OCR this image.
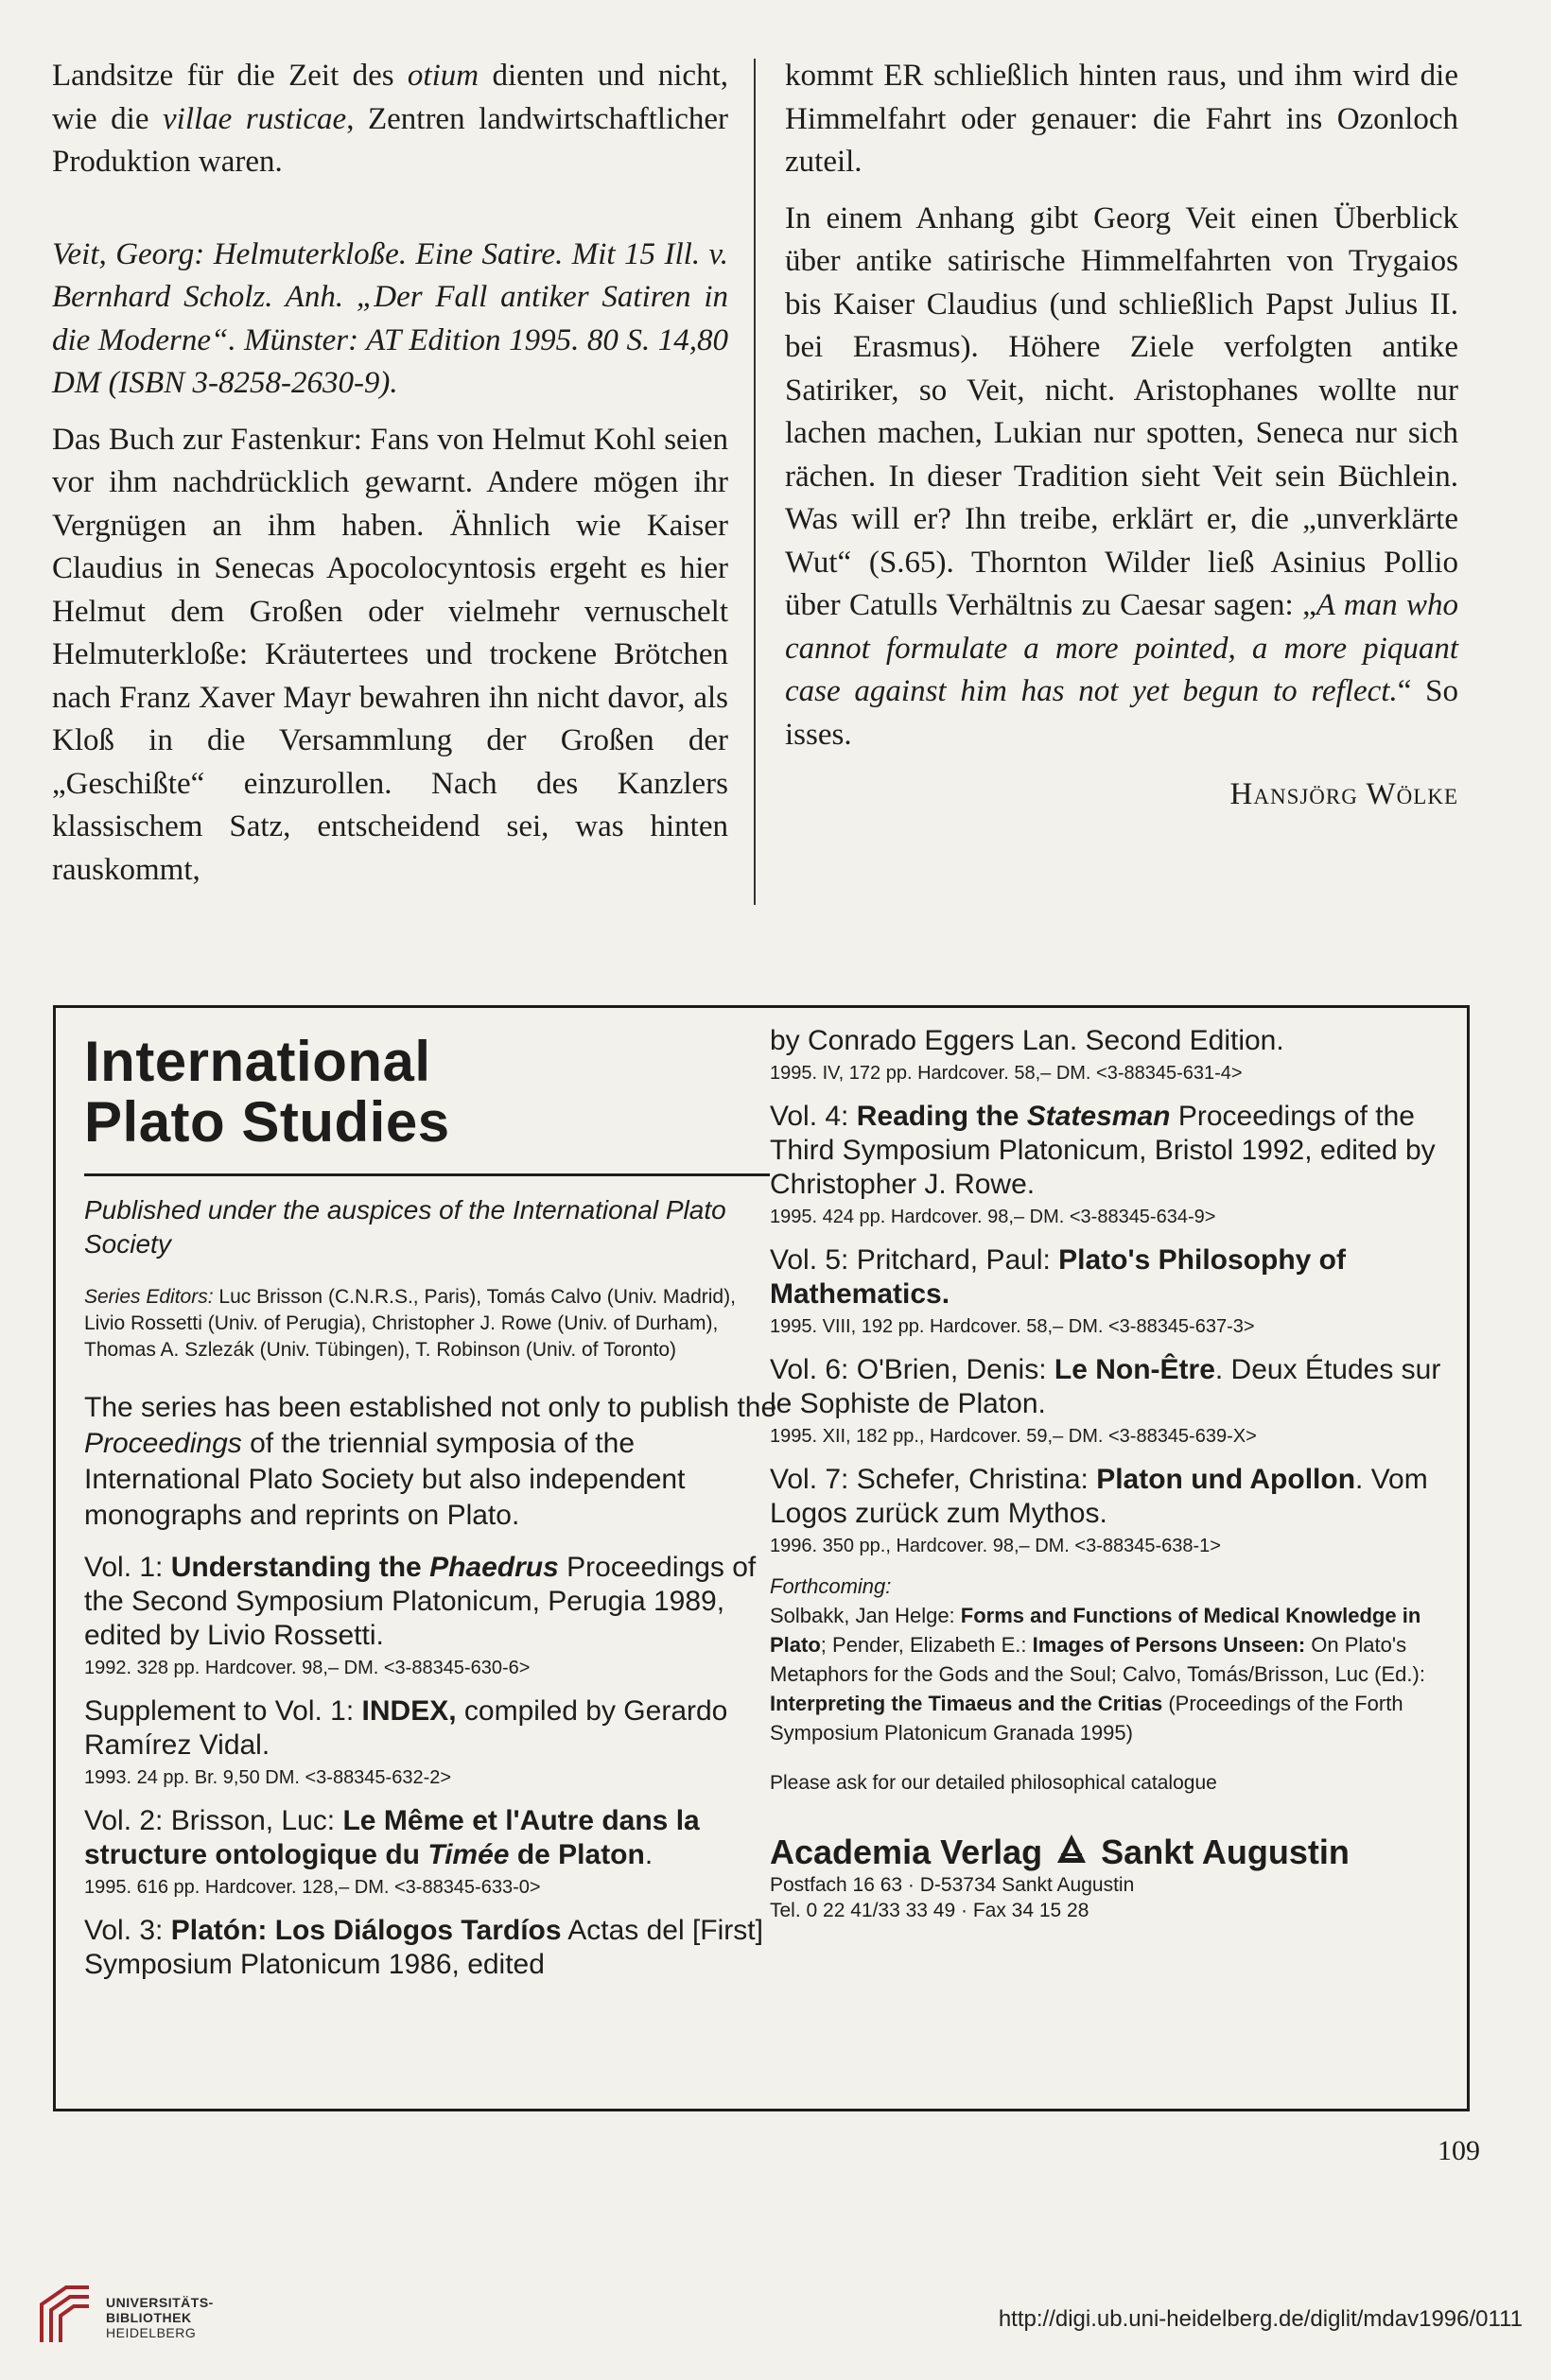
Landsitze für die Zeit des otium dienten und nicht, wie die villae rusticae, Zentren landwirtschaftlicher Produktion waren.

Veit, Georg: Helmuterkloße. Eine Satire. Mit 15 Ill. v. Bernhard Scholz. Anh. „Der Fall antiker Satiren in die Moderne“. Münster: AT Edition 1995. 80 S. 14,80 DM (ISBN 3-8258-2630-9).

Das Buch zur Fastenkur: Fans von Helmut Kohl seien vor ihm nachdrücklich gewarnt. Andere mögen ihr Vergnügen an ihm haben. Ähnlich wie Kaiser Claudius in Senecas Apocolocyntosis ergeht es hier Helmut dem Großen oder vielmehr vernuschelt Helmuterkloße: Kräutertees und trockene Brötchen nach Franz Xaver Mayr bewahren ihn nicht davor, als Kloß in die Versammlung der Großen der „Geschißte“ einzurollen. Nach des Kanzlers klassischem Satz, entscheidend sei, was hinten rauskommt,

kommt ER schließlich hinten raus, und ihm wird die Himmelfahrt oder genauer: die Fahrt ins Ozonloch zuteil.

In einem Anhang gibt Georg Veit einen Überblick über antike satirische Himmelfahrten von Trygaios bis Kaiser Claudius (und schließlich Papst Julius II. bei Erasmus). Höhere Ziele verfolgten antike Satiriker, so Veit, nicht. Aristophanes wollte nur lachen machen, Lukian nur spotten, Seneca nur sich rächen. In dieser Tradition sieht Veit sein Büchlein. Was will er? Ihn treibe, erklärt er, die „unverklärte Wut“ (S.65). Thornton Wilder ließ Asinius Pollio über Catulls Verhältnis zu Caesar sagen: „A man who cannot formulate a more pointed, a more piquant case against him has not yet begun to reflect.“ So isses.

Hansjörg Wölke

International
Plato Studies

Published under the auspices of the International Plato Society

Series Editors: Luc Brisson (C.N.R.S., Paris), Tomás Calvo (Univ. Madrid), Livio Rossetti (Univ. of Perugia), Christopher J. Rowe (Univ. of Durham), Thomas A. Szlezák (Univ. Tübingen), T. Robinson (Univ. of Toronto)

The series has been established not only to publish the Proceedings of the triennial symposia of the International Plato Society but also independent monographs and reprints on Plato.

Vol. 1: Understanding the Phaedrus Proceedings of the Second Symposium Platonicum, Perugia 1989, edited by Livio Rossetti.
1992. 328 pp. Hardcover. 98,– DM. <3-88345-630-6>
Supplement to Vol. 1: INDEX, compiled by Gerardo Ramírez Vidal.
1993. 24 pp. Br. 9,50 DM. <3-88345-632-2>
Vol. 2: Brisson, Luc: Le Même et l'Autre dans la structure ontologique du Timée de Platon.
1995. 616 pp. Hardcover. 128,– DM. <3-88345-633-0>
Vol. 3: Platón: Los Diálogos Tardíos Actas del [First] Symposium Platonicum 1986, edited
by Conrado Eggers Lan. Second Edition.
1995. IV, 172 pp. Hardcover. 58,– DM. <3-88345-631-4>
Vol. 4: Reading the Statesman Proceedings of the Third Symposium Platonicum, Bristol 1992, edited by Christopher J. Rowe.
1995. 424 pp. Hardcover. 98,– DM. <3-88345-634-9>
Vol. 5: Pritchard, Paul: Plato's Philosophy of Mathematics.
1995. VIII, 192 pp. Hardcover. 58,– DM. <3-88345-637-3>
Vol. 6: O'Brien, Denis: Le Non-Être. Deux Études sur le Sophiste de Platon.
1995. XII, 182 pp., Hardcover. 59,– DM. <3-88345-639-X>
Vol. 7: Schefer, Christina: Platon und Apollon. Vom Logos zurück zum Mythos.
1996. 350 pp., Hardcover. 98,– DM. <3-88345-638-1>
Forthcoming:

Solbakk, Jan Helge: Forms and Functions of Medical Knowledge in Plato; Pender, Elizabeth E.: Images of Persons Unseen: On Plato's Metaphors for the Gods and the Soul; Calvo, Tomás/Brisson, Luc (Ed.): Interpreting the Timaeus and the Critias (Proceedings of the Forth Symposium Platonicum Granada 1995)

Please ask for our detailed philosophical catalogue

Academia Verlag Sankt Augustin
Postfach 16 63 · D-53734 Sankt Augustin
Tel. 0 22 41/33 33 49 · Fax 34 15 28
109
UNIVERSITÄTS-
BIBLIOTHEK
HEIDELBERG
http://digi.ub.uni-heidelberg.de/diglit/mdav1996/0111
